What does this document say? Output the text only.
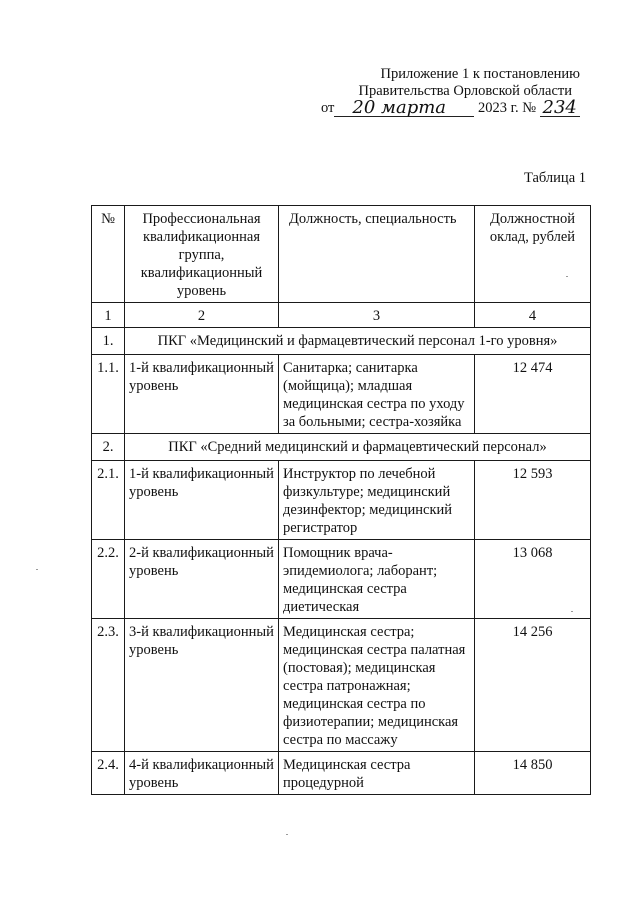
Приложение 1 к постановлению
Правительства Орловской области
от 20 марта 2023 г. № 234
Таблица 1
№	Профессиональная квалификационная группа, квалификационный уровень	Должность, специальность	Должностной оклад, рублей
1	2	3	4
1.	ПКГ «Медицинский и фармацевтический персонал 1-го уровня»		
1.1.	1-й квалификационный уровень	Санитарка; санитарка (мойщица); младшая медицинская сестра по уходу за больными; сестра-хозяйка	12 474
2.	ПКГ «Средний медицинский и фармацевтический персонал»		
2.1.	1-й квалификационный уровень	Инструктор по лечебной физкультуре; медицинский дезинфектор; медицинский регистратор	12 593
2.2.	2-й квалификационный уровень	Помощник врача-эпидемиолога; лаборант; медицинская сестра диетическая	13 068
2.3.	3-й квалификационный уровень	Медицинская сестра; медицинская сестра палатная (постовая); медицинская сестра патронажная; медицинская сестра по физиотерапии; медицинская сестра по массажу	14 256
2.4.	4-й квалификационный уровень	Медицинская сестра процедурной	14 850
